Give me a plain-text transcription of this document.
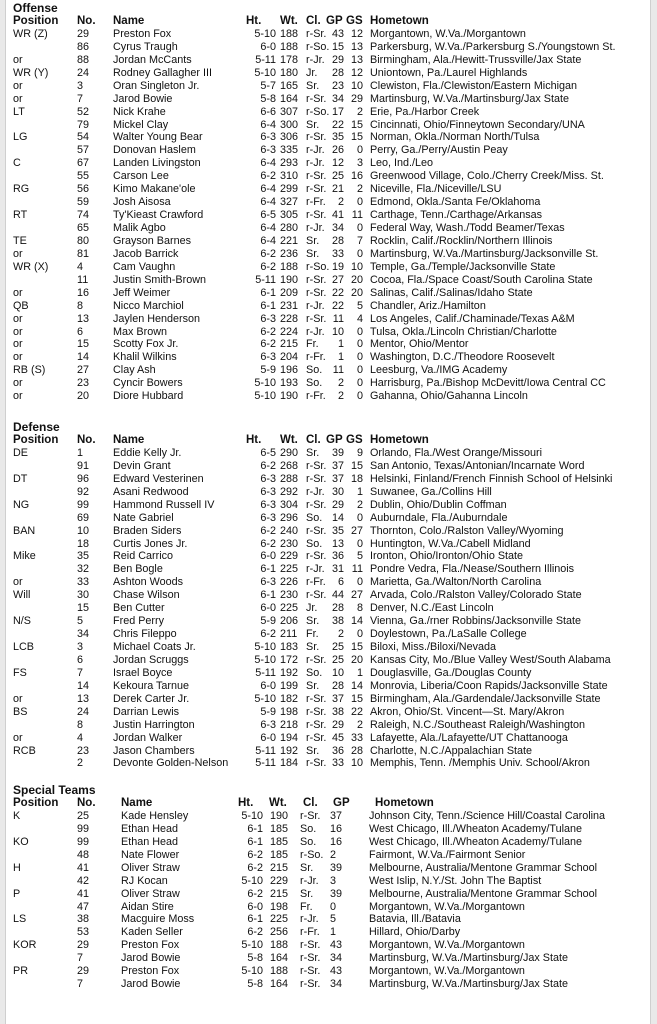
Offense
Position No. Name	Ht. Wt. Cl. GP GS Hometown
WR (Z)	29 Preston Fox	5-10 188 r-Sr. 43 12 Morgantown, W.Va./Morgantown
86 Cyrus Traugh	6-0 188 r-So. 15 13 Parkersburg, W.Va./Parkersburg S./Youngstown St.
or	88 Jordan McCants	5-11 178 r-Jr. 29 13 Birmingham, Ala./Hewitt-Trussville/Jax State
WR (Y)	24 Rodney Gallagher III	5-10 180 Jr.	28 12 Uniontown, Pa./Laurel Highlands
or	3	Oran Singleton Jr.	5-7 165 Sr.	23 10 Clewiston, Fla./Clewiston/Eastern Michigan
or	7	Jarod Bowie	5-8 164 r-Sr. 34 29 Martinsburg, W.Va./Martinsburg/Jax State
LT	52 Nick Krahe	6-6 307 r-So. 17	2 Erie, Pa./Harbor Creek
79 Mickel Clay	6-4 300 Sr.	22 15 Cincinnati, Ohio/Finneytown Secondary/UNA
LG	54 Walter Young Bear	6-3 306 r-Sr. 35 15 Norman, Okla./Norman North/Tulsa
57 Donovan Haslem	6-3 335 r-Jr. 26	0 Perry, Ga./Perry/Austin Peay
C	67 Landen Livingston	6-4 293 r-Jr. 12	3 Leo, Ind./Leo
55 Carson Lee	6-2 310 r-Sr. 25 16 Greenwood Village, Colo./Cherry Creek/Miss. St.
RG	56 Kimo Makane'ole	6-4 299 r-Sr. 21	2 Niceville, Fla./Niceville/LSU
59 Josh Aisosa	6-4 327 r-Fr.	2	0 Edmond, Okla./Santa Fe/Oklahoma
RT	74 Ty'Kieast Crawford	6-5 305 r-Sr. 41 11 Carthage, Tenn./Carthage/Arkansas
65 Malik Agbo	6-4 280 r-Jr. 34	0 Federal Way, Wash./Todd Beamer/Texas
TE	80 Grayson Barnes	6-4 221 Sr.	28	7 Rocklin, Calif./Rocklin/Northern Illinois
or	81 Jacob Barrick	6-2 236 Sr.	33	0 Martinsburg, W.Va./Martinsburg/Jacksonville St.
WR (X)	4	Cam Vaughn	6-2 188 r-So. 19 10 Temple, Ga./Temple/Jacksonville State
11 Justin Smith-Brown	5-11 190 r-Sr. 27 20 Cocoa, Fla./Space Coast/South Carolina State
or	16 Jeff Weimer	6-1 209 r-Sr. 22 20 Salinas, Calif./Salinas/Idaho State
QB	8	Nicco Marchiol	6-1 231 r-Jr. 22	5 Chandler, Ariz./Hamilton
or	13 Jaylen Henderson	6-3 228 r-Sr. 11	4 Los Angeles, Calif./Chaminade/Texas A&M
or	6	Max Brown	6-2 224 r-Jr. 10	0 Tulsa, Okla./Lincoln Christian/Charlotte
or	15 Scotty Fox Jr.	6-2 215 Fr.	1	0 Mentor, Ohio/Mentor
or	14 Khalil Wilkins	6-3 204 r-Fr.	1	0 Washington, D.C./Theodore Roosevelt
RB (S)	27 Clay Ash	5-9 196 So. 11	0 Leesburg, Va./IMG Academy
or	23 Cyncir Bowers	5-10 193 So.	2	0 Harrisburg, Pa./Bishop McDevitt/Iowa Central CC
or	20 Diore Hubbard	5-10 190 r-Fr.	2	0 Gahanna, Ohio/Gahanna Lincoln
Defense
Position No. Name	Ht. Wt. Cl. GP GS Hometown
DE	1	Eddie Kelly Jr.	6-5 290 Sr.	39	9 Orlando, Fla./West Orange/Missouri
91 Devin Grant	6-2 268 r-Sr. 37 15 San Antonio, Texas/Antonian/Incarnate Word
DT	96 Edward Vesterinen	6-3 288 r-Sr. 37 18 Helsinki, Finland/French Finnish School of Helsinki
92 Asani Redwood	6-3 292 r-Jr. 30	1 Suwanee, Ga./Collins Hill
NG	99 Hammond Russell IV	6-3 304 r-Sr. 29	2 Dublin, Ohio/Dublin Coffman
69 Nate Gabriel	6-3 296 So. 14	0 Auburndale, Fla./Auburndale
BAN	10 Braden Siders	6-2 240 r-Sr. 35 27 Thornton, Colo./Ralston Valley/Wyoming
18 Curtis Jones Jr.	6-2 230 So. 13	0 Huntington, W.Va./Cabell Midland
Mike	35 Reid Carrico	6-0 229 r-Sr. 36	5 Ironton, Ohio/Ironton/Ohio State
32 Ben Bogle	6-1 225 r-Jr. 31 11 Pondre Vedra, Fla./Nease/Southern Illinois
or	33 Ashton Woods	6-3 226 r-Fr.	6	0 Marietta, Ga./Walton/North Carolina
Will	30 Chase Wilson	6-1 230 r-Sr. 44 27 Arvada, Colo./Ralston Valley/Colorado State
15 Ben Cutter	6-0 225 Jr.	28	8 Denver, N.C./East Lincoln
N/S	5	Fred Perry	5-9 206 Sr.	38 14 Vienna, Ga./rner Robbins/Jacksonville State
34 Chris Fileppo	6-2 211 Fr.	2	0 Doylestown, Pa./LaSalle College
LCB	3	Michael Coats Jr.	5-10 183 Sr.	25 15 Biloxi, Miss./Biloxi/Nevada
6	Jordan Scruggs	5-10 172 r-Sr. 25 20 Kansas City, Mo./Blue Valley West/South Alabama
FS	7	Israel Boyce	5-11 192 So. 10	1 Douglasville, Ga./Douglas County
14 Kekoura Tarnue	6-0 199 Sr.	28 14 Monrovia, Liberia/Coon Rapids/Jacksonville State
or	13 Derek Carter Jr.	5-10 182 r-Sr. 37 15 Birmingham, Ala./Gardendale/Jacksonville State
BS	24 Darrian Lewis	5-9 198 r-Sr. 38 22 Akron, Ohio/St. Vincent—St. Mary/Akron
8	Justin Harrington	6-3 218 r-Sr. 29	2 Raleigh, N.C./Southeast Raleigh/Washington
or	4	Jordan Walker	6-0 194 r-Sr. 45 33 Lafayette, Ala./Lafayette/UT Chattanooga
RCB	23 Jason Chambers	5-11 192 Sr.	36 28 Charlotte, N.C./Appalachian State
2	Devonte Golden-Nelson	5-11 184 r-Sr. 33 10 Memphis, Tenn. /Memphis Univ. School/Akron
Special Teams
Position No. Name	Ht. Wt. Cl. GP Hometown
K	25	Kade Hensley	5-10 190 r-Sr. 37 Johnson City, Tenn./Science Hill/Coastal Carolina
99	Ethan Head	6-1 185 So. 16 West Chicago, Ill./Wheaton Academy/Tulane
KO	99	Ethan Head	6-1 185 So. 16 West Chicago, Ill./Wheaton Academy/Tulane
48	Nate Flower	6-2 185 r-So. 2	Fairmont, W.Va./Fairmont Senior
H	41	Oliver Straw	6-2 215 Sr. 39 Melbourne, Australia/Mentone Grammar School
42	RJ Kocan	5-10 229 r-Jr. 3	West Islip, N.Y./St. John The Baptist
P	41	Oliver Straw	6-2 215 Sr. 39 Melbourne, Australia/Mentone Grammar School
47	Aidan Stire	6-0 198 Fr. 0	Morgantown, W.Va./Morgantown
LS	38	Macguire Moss	6-1 225 r-Jr. 5	Batavia, Ill./Batavia
53	Kaden Seller	6-2 256 r-Fr. 1	Hillard, Ohio/Darby
KOR	29	Preston Fox	5-10 188 r-Sr. 43 Morgantown, W.Va./Morgantown
7	Jarod Bowie	5-8 164 r-Sr. 34 Martinsburg, W.Va./Martinsburg/Jax State
PR	29	Preston Fox	5-10 188 r-Sr. 43 Morgantown, W.Va./Morgantown
7	Jarod Bowie	5-8 164 r-Sr. 34 Martinsburg, W.Va./Martinsburg/Jax State
